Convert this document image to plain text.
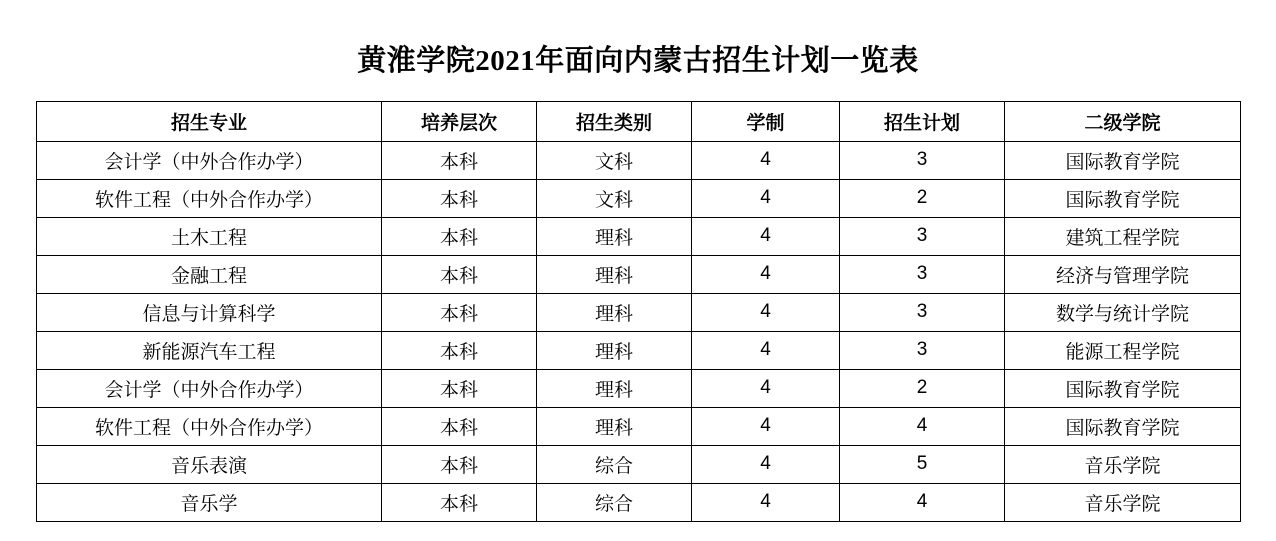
黄淮学院2021年面向内蒙古招生计划一览表
招生专业	培养层次	招生类别	学制	招生计划	二级学院
会计学（中外合作办学）	本科	文科	4	3	国际教育学院
软件工程（中外合作办学）	本科	文科	4	2	国际教育学院
土木工程	本科	理科	4	3	建筑工程学院
金融工程	本科	理科	4	3	经济与管理学院
信息与计算科学	本科	理科	4	3	数学与统计学院
新能源汽车工程	本科	理科	4	3	能源工程学院
会计学（中外合作办学）	本科	理科	4	2	国际教育学院
软件工程（中外合作办学）	本科	理科	4	4	国际教育学院
音乐表演	本科	综合	4	5	音乐学院
音乐学	本科	综合	4	4	音乐学院
